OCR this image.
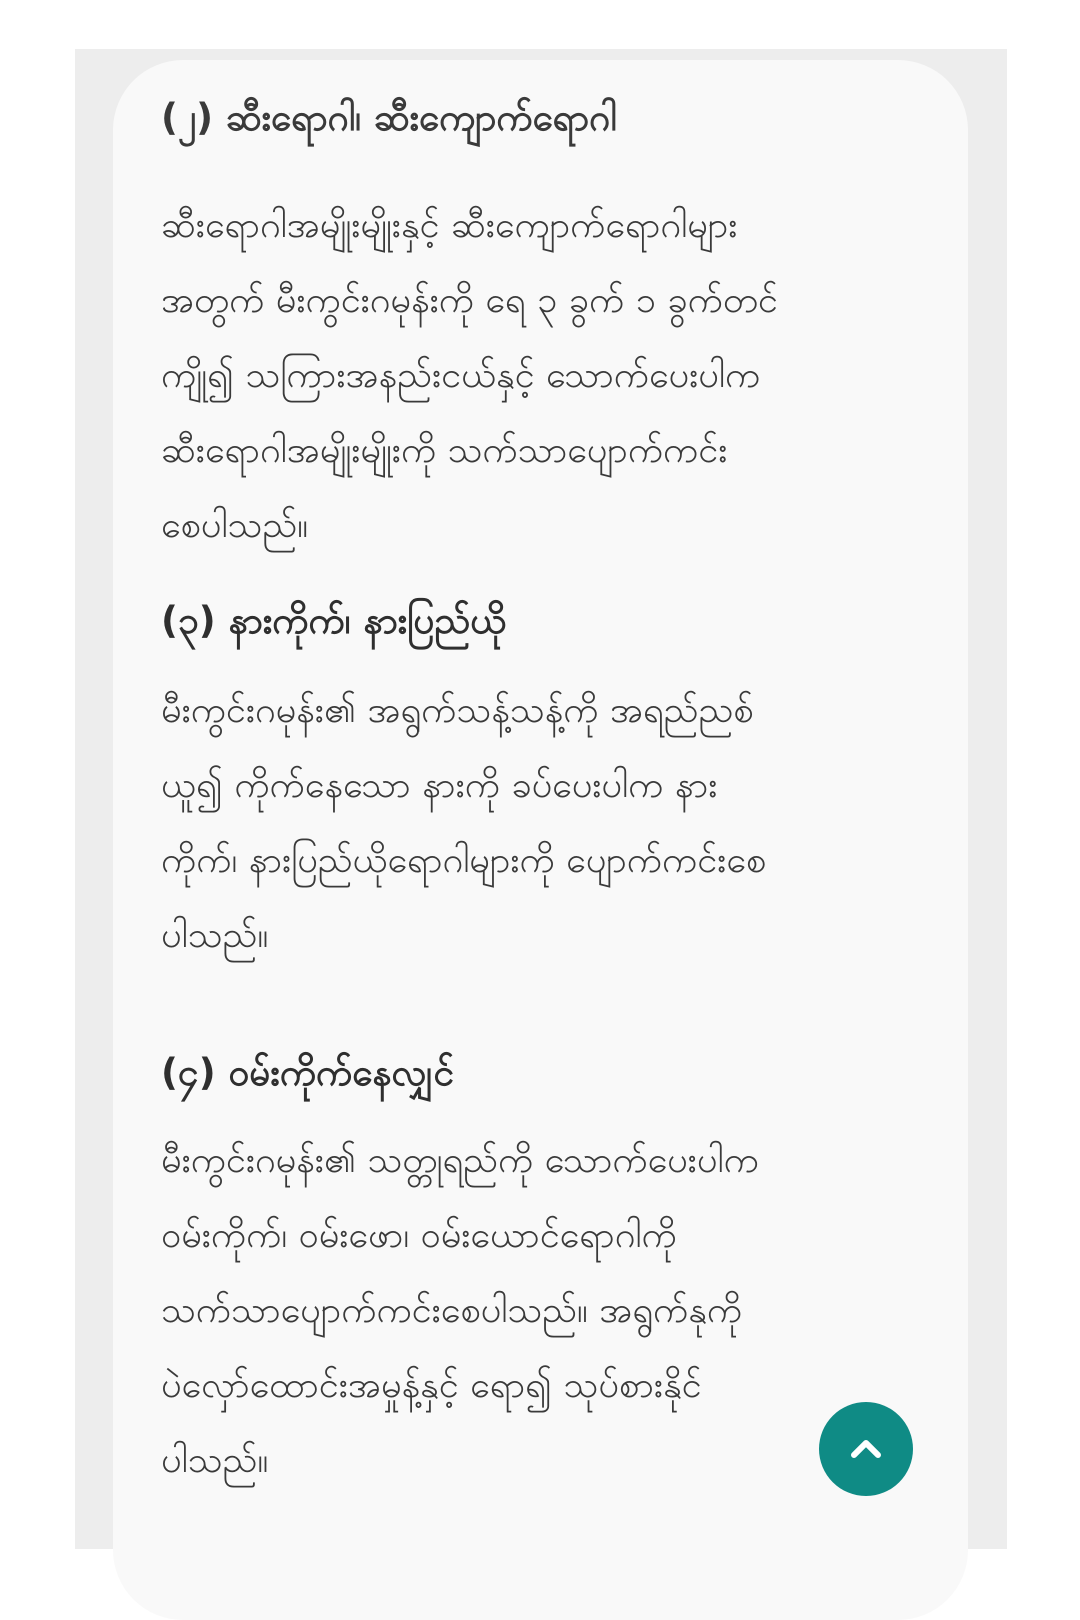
(၂) ဆီးရောဂါ၊ ဆီးကျောက်ရောဂါ

ဆီးရောဂါအမျိုးမျိုးနှင့် ဆီးကျောက်ရောဂါများ
အတွက် မီးကွင်းဂမုန်းကို ရေ ၃ ခွက် ၁ ခွက်တင်
ကျို၍ သကြားအနည်းငယ်နှင့် သောက်ပေးပါက
ဆီးရောဂါအမျိုးမျိုးကို သက်သာပျောက်ကင်း
စေပါသည်။

(၃) နားကိုက်၊ နားပြည်ယို

မီးကွင်းဂမုန်း၏ အရွက်သန့်သန့်ကို အရည်ညစ်
ယူ၍ ကိုက်နေသော နားကို ခပ်ပေးပါက နား
ကိုက်၊ နားပြည်ယိုရောဂါများကို ပျောက်ကင်းစေ
ပါသည်။

(၄) ဝမ်းကိုက်နေလျှင်

မီးကွင်းဂမုန်း၏ သတ္တုရည်ကို သောက်ပေးပါက
ဝမ်းကိုက်၊ ဝမ်းဖော၊ ဝမ်းယောင်ရောဂါကို
သက်သာပျောက်ကင်းစေပါသည်။ အရွက်နုကို
ပဲလှော်ထောင်းအမှုန့်နှင့် ရော၍ သုပ်စားနိုင်
ပါသည်။
